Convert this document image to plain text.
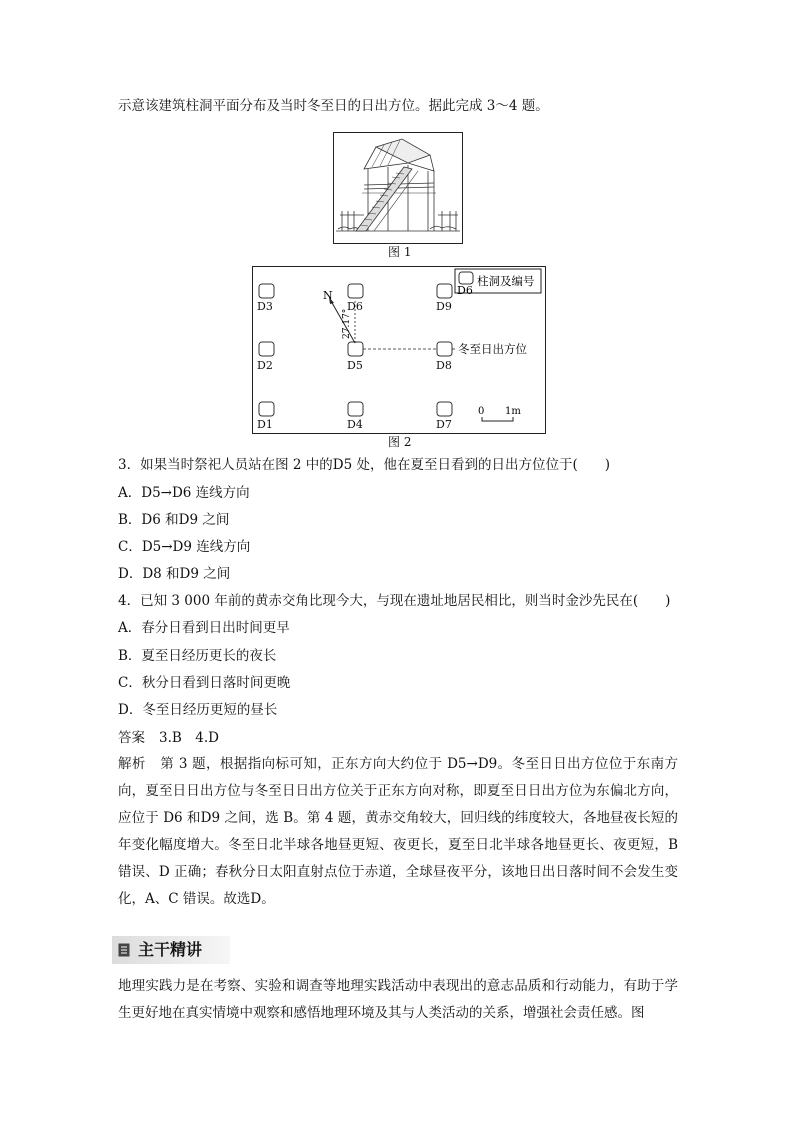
示意该建筑柱洞平面分布及当时冬至日的日出方位。据此完成 3～4 题。
图 1
D3	D6	D9
D2	D5	D8
D1	D4	D7
D6
柱洞及编号
N
27.17°
冬至日出方位
0 1m
图 2
3．如果当时祭祀人员站在图 2 中的D5 处，他在夏至日看到的日出方位位于(　　)
A．D5→D6 连线方向
B．D6 和D9 之间
C．D5→D9 连线方向
D．D8 和D9 之间
4．已知 3 000 年前的黄赤交角比现今大，与现在遗址地居民相比，则当时金沙先民在(　　)
A．春分日看到日出时间更早
B．夏至日经历更长的夜长
C．秋分日看到日落时间更晚
D．冬至日经历更短的昼长
答案 3.B　4.D
解析 第 3 题，根据指向标可知，正东方向大约位于 D5→D9。冬至日日出方位位于东南方向，夏至日日出方位与冬至日日出方位关于正东方向对称，即夏至日日出方位为东偏北方向，应位于 D6 和D9 之间，选 B。第 4 题，黄赤交角较大，回归线的纬度较大，各地昼夜长短的年变化幅度增大。冬至日北半球各地昼更短、夜更长，夏至日北半球各地昼更长、夜更短，B 错误、D 正确；春秋分日太阳直射点位于赤道，全球昼夜平分，该地日出日落时间不会发生变化，A、C 错误。故选D。
主干精讲
地理实践力是在考察、实验和调查等地理实践活动中表现出的意志品质和行动能力，有助于学生更好地在真实情境中观察和感悟地理环境及其与人类活动的关系，增强社会责任感。图
